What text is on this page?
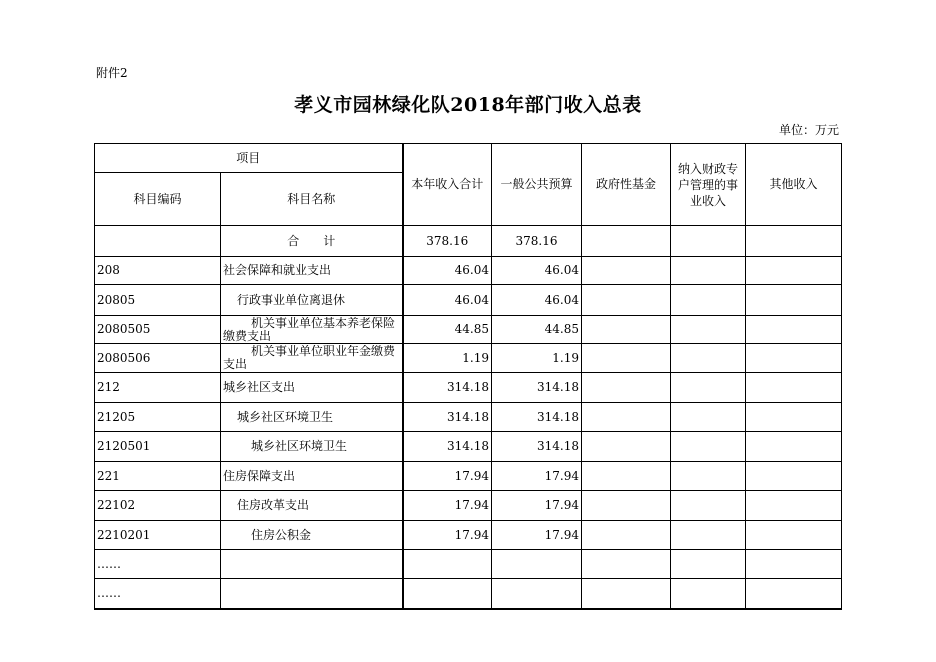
附件2
孝义市园林绿化队2018年部门收入总表
单位：万元
项目		本年收入合计	一般公共预算	政府性基金	纳入财政专户管理的事业收入	其他收入
科目编码	科目名称					
	合　　计	378.16	378.16			
208	社会保障和就业支出	46.04	46.04			
20805	行政事业单位离退休	46.04	46.04			
2080505	机关事业单位基本养老保险缴费支出	44.85	44.85			
2080506	机关事业单位职业年金缴费支出	1.19	1.19			
212	城乡社区支出	314.18	314.18			
21205	城乡社区环境卫生	314.18	314.18			
2120501	城乡社区环境卫生	314.18	314.18			
221	住房保障支出	17.94	17.94			
22102	住房改革支出	17.94	17.94			
2210201	住房公积金	17.94	17.94			
……						
……						
